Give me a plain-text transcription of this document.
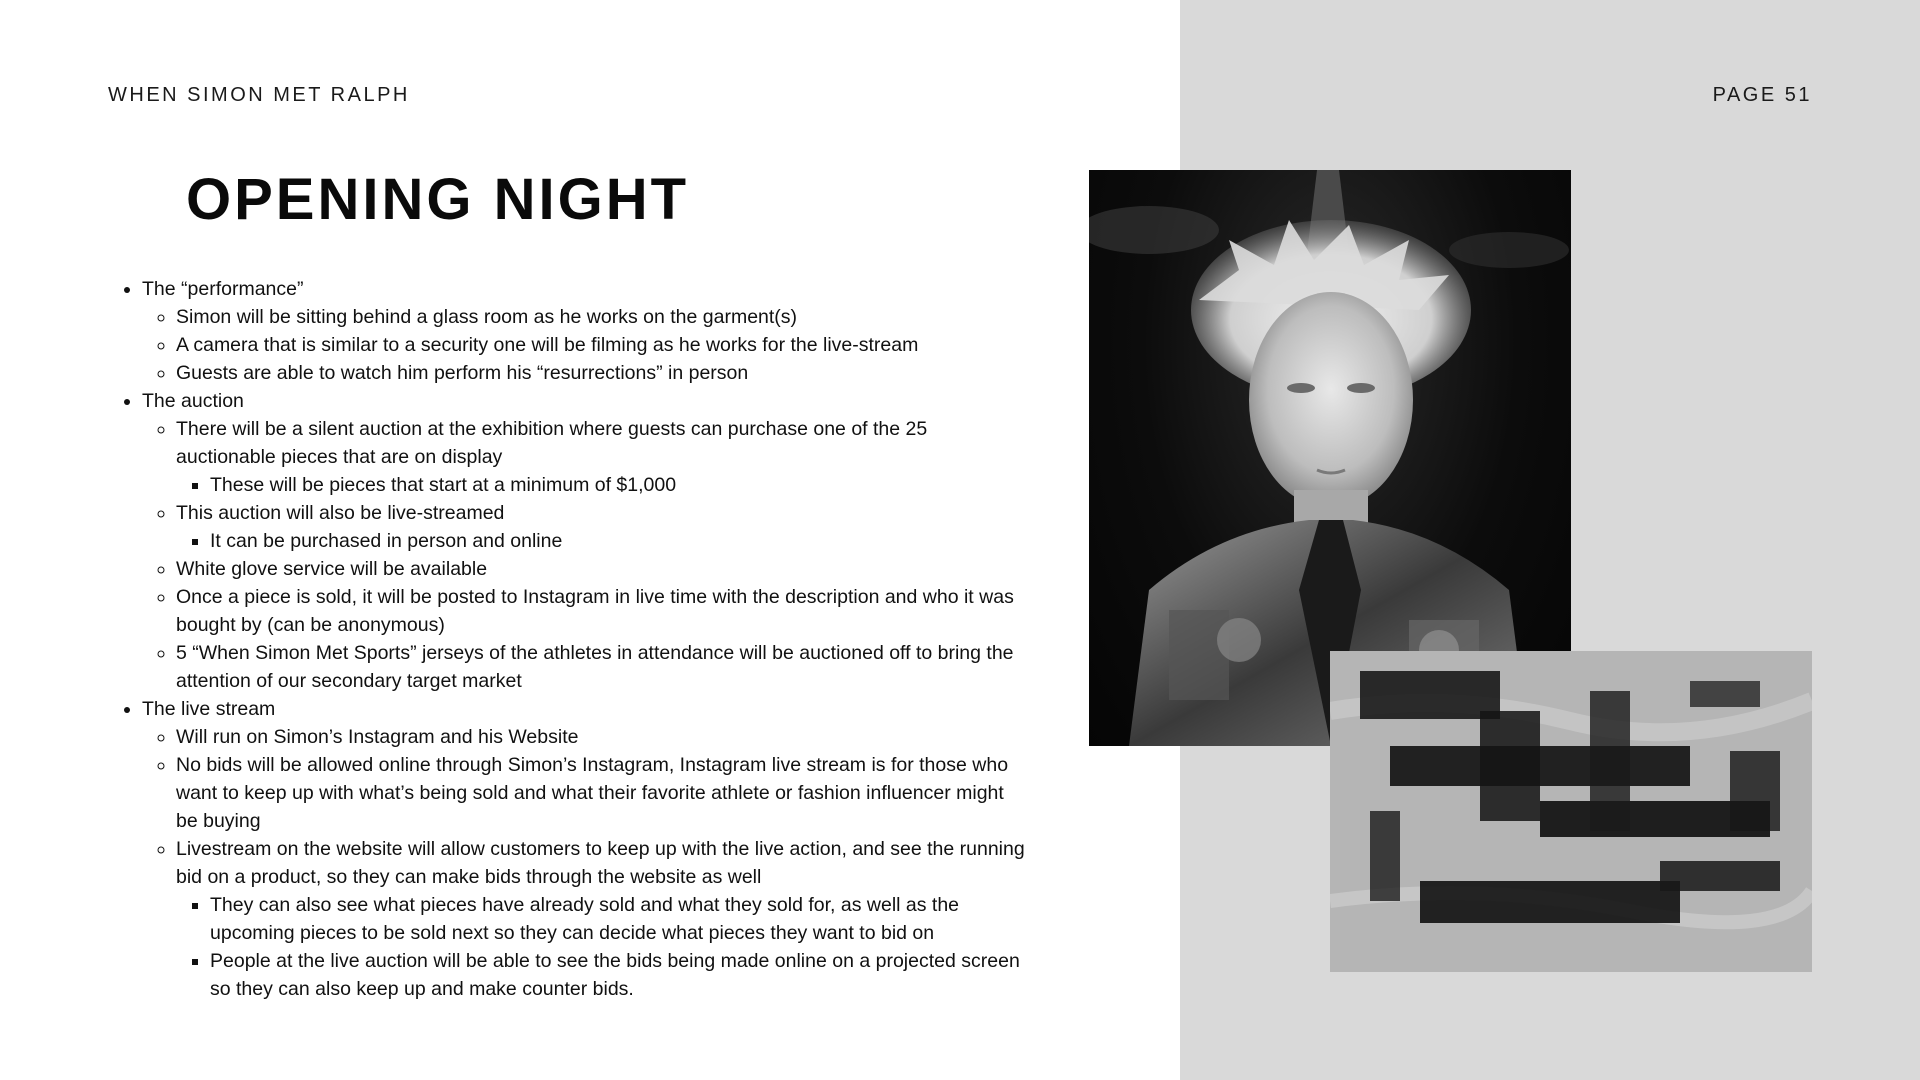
WHEN SIMON MET RALPH	PAGE 51
OPENING NIGHT
• The “performance”
◦ Simon will be sitting behind a glass room as he works on the garment(s)
◦ A camera that is similar to a security one will be filming as he works for the live-stream
◦ Guests are able to watch him perform his “resurrections” in person
• The auction
◦ There will be a silent auction at the exhibition where guests can purchase one of the 25 auctionable pieces that are on display
▪ These will be pieces that start at a minimum of $1,000
◦ This auction will also be live-streamed
▪ It can be purchased in person and online
◦ White glove service will be available
◦ Once a piece is sold, it will be posted to Instagram in live time with the description and who it was bought by (can be anonymous)
◦ 5 “When Simon Met Sports” jerseys of the athletes in attendance will be auctioned off to bring the attention of our secondary target market
• The live stream
◦ Will run on Simon’s Instagram and his Website
◦ No bids will be allowed online through Simon’s Instagram, Instagram live stream is for those who want to keep up with what’s being sold and what their favorite athlete or fashion influencer might be buying
◦ Livestream on the website will allow customers to keep up with the live action, and see the running bid on a product, so they can make bids through the website as well
▪ They can also see what pieces have already sold and what they sold for, as well as the upcoming pieces to be sold next so they can decide what pieces they want to bid on
▪ People at the live auction will be able to see the bids being made online on a projected screen so they can also keep up and make counter bids.
